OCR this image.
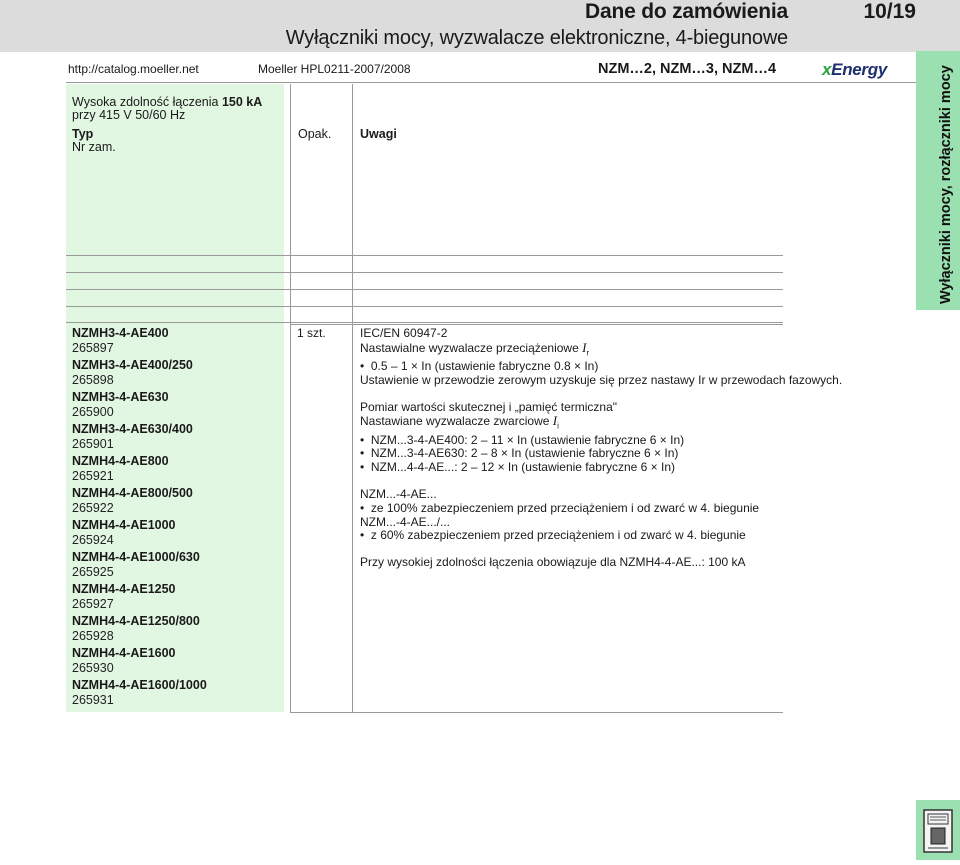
Dane do zamówienia	10/19
Wyłączniki mocy, wyzwalacze elektroniczne, 4-biegunowe
http://catalog.moeller.net	Moeller HPL0211-2007/2008	NZM…2, NZM…3, NZM…4	xEnergy	Wyłączniki mocy, rozłączniki mocy
Wysoka zdolność łączenia 150 kA
przy 415 V 50/60 Hz
Typ
Nr zam.
Opak. Uwagi
NZMH3-4-AE400
265897
NZMH3-4-AE400/250
265898
NZMH3-4-AE630
265900
NZMH3-4-AE630/400
265901
NZMH4-4-AE800
265921
NZMH4-4-AE800/500
265922
NZMH4-4-AE1000
265924
NZMH4-4-AE1000/630
265925
NZMH4-4-AE1250
265927
NZMH4-4-AE1250/800
265928
NZMH4-4-AE1600
265930
NZMH4-4-AE1600/1000
265931
1 szt.	IEC/EN 60947-2
Nastawialne wyzwalacze przeciążeniowe $I_r$
•  0.5 – 1 × In (ustawienie fabryczne 0.8 × In)
Ustawienie w przewodzie zerowym uzyskuje się przez nastawy Ir w przewodach fazowych.
Pomiar wartości skutecznej i „pamięć termiczna"
Nastawiane wyzwalacze zwarciowe $I_i$
•  NZM...3-4-AE400: 2 – 11 × In (ustawienie fabryczne 6 × In)
•  NZM...3-4-AE630: 2 – 8 × In (ustawienie fabryczne 6 × In)
•  NZM...4-4-AE...: 2 – 12 × In (ustawienie fabryczne 6 × In)
NZM...-4-AE...
•  ze 100% zabezpieczeniem przed przeciążeniem i od zwarć w 4. biegunie
NZM...-4-AE.../...
•  z 60% zabezpieczeniem przed przeciążeniem i od zwarć w 4. biegunie
Przy wysokiej zdolności łączenia obowiązuje dla NZMH4-4-AE...: 100 kA
